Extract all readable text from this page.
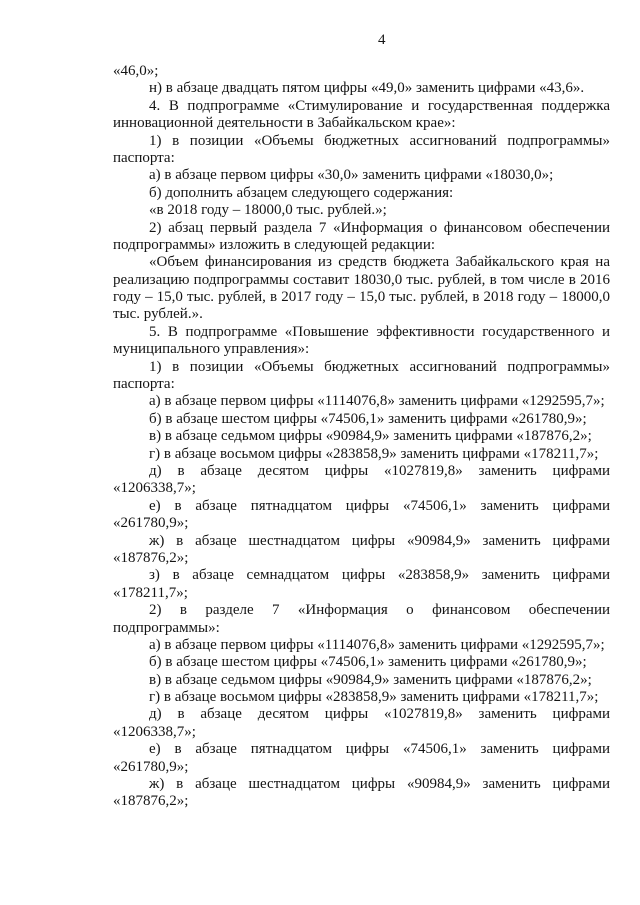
4
«46,0»;
н) в абзаце двадцать пятом цифры «49,0» заменить цифрами «43,6».
4. В подпрограмме «Стимулирование и государственная поддержка
инновационной деятельности в Забайкальском крае»:
1) в позиции «Объемы бюджетных ассигнований подпрограммы»
паспорта:
а) в абзаце первом цифры «30,0» заменить цифрами «18030,0»;
б) дополнить абзацем следующего содержания:
«в 2018 году – 18000,0 тыс. рублей.»;
2) абзац первый раздела 7 «Информация о финансовом обеспечении
подпрограммы» изложить в следующей редакции:
«Объем финансирования из средств бюджета Забайкальского края на
реализацию подпрограммы составит 18030,0 тыс. рублей, в том числе в 2016
году – 15,0 тыс. рублей, в 2017 году – 15,0 тыс. рублей, в 2018 году – 18000,0
тыс. рублей.».
5. В подпрограмме «Повышение эффективности государственного и
муниципального управления»:
1) в позиции «Объемы бюджетных ассигнований подпрограммы»
паспорта:
а) в абзаце первом цифры «1114076,8» заменить цифрами «1292595,7»;
б) в абзаце шестом цифры «74506,1» заменить цифрами «261780,9»;
в) в абзаце седьмом цифры «90984,9» заменить цифрами «187876,2»;
г) в абзаце восьмом цифры «283858,9» заменить цифрами «178211,7»;
д) в абзаце десятом цифры «1027819,8» заменить цифрами
«1206338,7»;
е) в абзаце пятнадцатом цифры «74506,1» заменить цифрами
«261780,9»;
ж) в абзаце шестнадцатом цифры «90984,9» заменить цифрами
«187876,2»;
з) в абзаце семнадцатом цифры «283858,9» заменить цифрами
«178211,7»;
2) в разделе 7 «Информация о финансовом обеспечении
подпрограммы»:
а) в абзаце первом цифры «1114076,8» заменить цифрами «1292595,7»;
б) в абзаце шестом цифры «74506,1» заменить цифрами «261780,9»;
в) в абзаце седьмом цифры «90984,9» заменить цифрами «187876,2»;
г) в абзаце восьмом цифры «283858,9» заменить цифрами «178211,7»;
д) в абзаце десятом цифры «1027819,8» заменить цифрами
«1206338,7»;
е) в абзаце пятнадцатом цифры «74506,1» заменить цифрами
«261780,9»;
ж) в абзаце шестнадцатом цифры «90984,9» заменить цифрами
«187876,2»;
